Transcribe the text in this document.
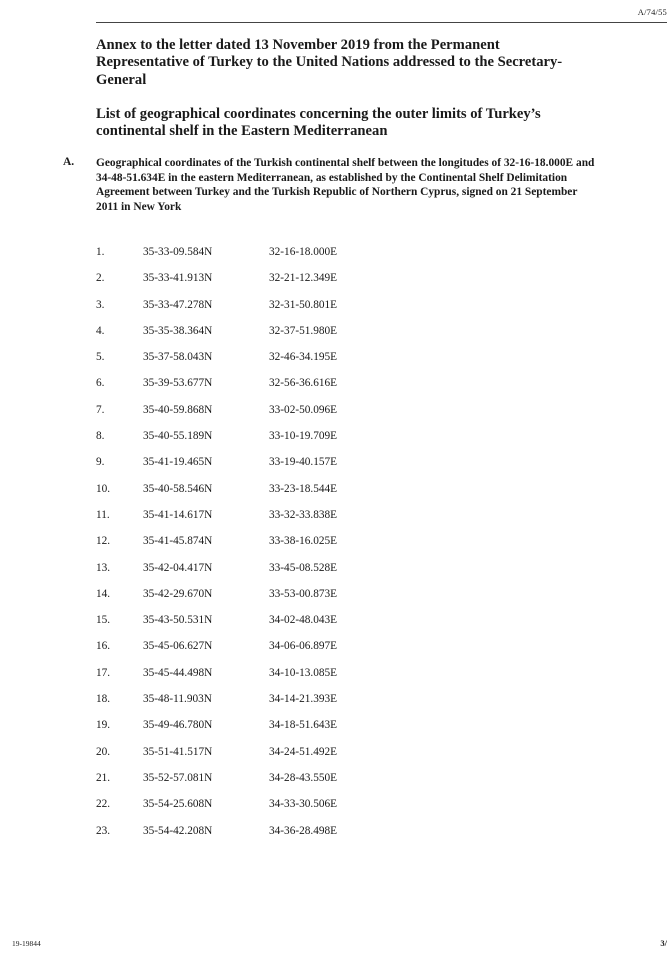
A/74/55
Annex to the letter dated 13 November 2019 from the Permanent Representative of Turkey to the United Nations addressed to the Secretary-General
List of geographical coordinates concerning the outer limits of Turkey’s continental shelf in the Eastern Mediterranean
A. Geographical coordinates of the Turkish continental shelf between the longitudes of 32-16-18.000E and 34-48-51.634E in the eastern Mediterranean, as established by the Continental Shelf Delimitation Agreement between Turkey and the Turkish Republic of Northern Cyprus, signed on 21 September 2011 in New York
1.	35-33-09.584N	32-16-18.000E
2.	35-33-41.913N	32-21-12.349E
3.	35-33-47.278N	32-31-50.801E
4.	35-35-38.364N	32-37-51.980E
5.	35-37-58.043N	32-46-34.195E
6.	35-39-53.677N	32-56-36.616E
7.	35-40-59.868N	33-02-50.096E
8.	35-40-55.189N	33-10-19.709E
9.	35-41-19.465N	33-19-40.157E
10.	35-40-58.546N	33-23-18.544E
11.	35-41-14.617N	33-32-33.838E
12.	35-41-45.874N	33-38-16.025E
13.	35-42-04.417N	33-45-08.528E
14.	35-42-29.670N	33-53-00.873E
15.	35-43-50.531N	34-02-48.043E
16.	35-45-06.627N	34-06-06.897E
17.	35-45-44.498N	34-10-13.085E
18.	35-48-11.903N	34-14-21.393E
19.	35-49-46.780N	34-18-51.643E
20.	35-51-41.517N	34-24-51.492E
21.	35-52-57.081N	34-28-43.550E
22.	35-54-25.608N	34-33-30.506E
23.	35-54-42.208N	34-36-28.498E
19-19844	3/
